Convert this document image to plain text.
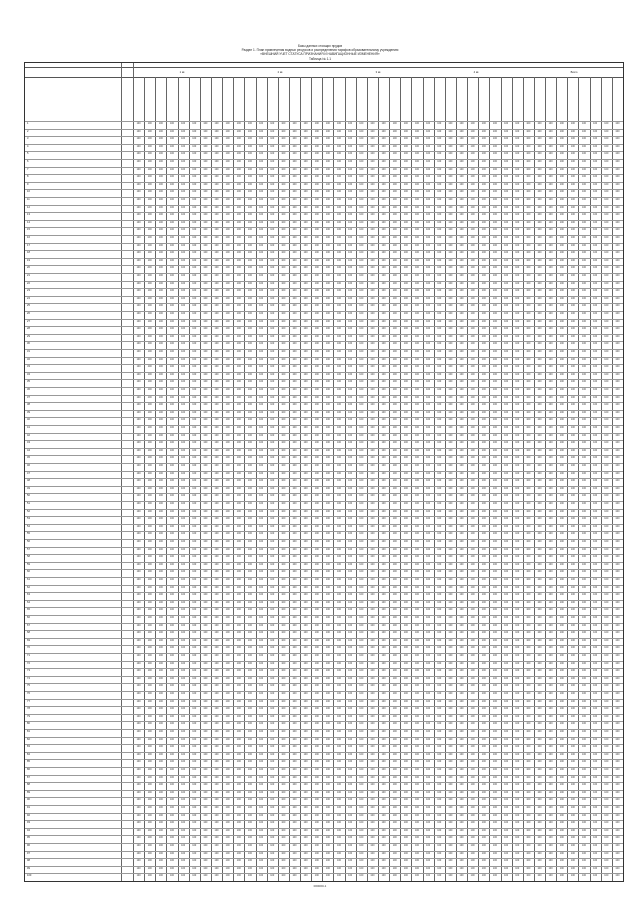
Базы данных стоящих прудов
Раздел 1. План привлечения водных ресурсов и распределения тарифов образовательному учреждению
«ВНЕШНИЙ УЧЕТ СТАТУСА ПРИЗНАНИЯ И НАВИГАЦИОННЫЕ ИЗМЕНЕНИЯ»
Таблица № 1.1
1 кв	2 кв	3 кв	4 кв	Всего
1	100	100	100	100	100	100	100	100	100	100	100	100	100	100	100	100	100	100	100	100	100	100	100	100	100	100	100	100	100	100	100	100	100	100	100	100	100	100	100	100	100	100	100	100
2	100	100	100	100	100	100	100	100	100	100	100	100	100	100	100	100	100	100	100	100	100	100	100	100	100	100	100	100	100	100	100	100	100	100	100	100	100	100	100	100	100	100	100	100
3	100	100	100	100	100	100	100	100	100	100	100	100	100	100	100	100	100	100	100	100	100	100	100	100	100	100	100	100	100	100	100	100	100	100	100	100	100	100	100	100	100	100	100	100
4	100	100	100	100	100	100	100	100	100	100	100	100	100	100	100	100	100	100	100	100	100	100	100	100	100	100	100	100	100	100	100	100	100	100	100	100	100	100	100	100	100	100	100	100
5	100	100	100	100	100	100	100	100	100	100	100	100	100	100	100	100	100	100	100	100	100	100	100	100	100	100	100	100	100	100	100	100	100	100	100	100	100	100	100	100	100	100	100	100
6	100	100	100	100	100	100	100	100	100	100	100	100	100	100	100	100	100	100	100	100	100	100	100	100	100	100	100	100	100	100	100	100	100	100	100	100	100	100	100	100	100	100	100	100
7	100	100	100	100	100	100	100	100	100	100	100	100	100	100	100	100	100	100	100	100	100	100	100	100	100	100	100	100	100	100	100	100	100	100	100	100	100	100	100	100	100	100	100	100
8	100	100	100	100	100	100	100	100	100	100	100	100	100	100	100	100	100	100	100	100	100	100	100	100	100	100	100	100	100	100	100	100	100	100	100	100	100	100	100	100	100	100	100	100
9	100	100	100	100	100	100	100	100	100	100	100	100	100	100	100	100	100	100	100	100	100	100	100	100	100	100	100	100	100	100	100	100	100	100	100	100	100	100	100	100	100	100	100	100
10	100	100	100	100	100	100	100	100	100	100	100	100	100	100	100	100	100	100	100	100	100	100	100	100	100	100	100	100	100	100	100	100	100	100	100	100	100	100	100	100	100	100	100	100
11	100	100	100	100	100	100	100	100	100	100	100	100	100	100	100	100	100	100	100	100	100	100	100	100	100	100	100	100	100	100	100	100	100	100	100	100	100	100	100	100	100	100	100	100
12	100	100	100	100	100	100	100	100	100	100	100	100	100	100	100	100	100	100	100	100	100	100	100	100	100	100	100	100	100	100	100	100	100	100	100	100	100	100	100	100	100	100	100	100
13	100	100	100	100	100	100	100	100	100	100	100	100	100	100	100	100	100	100	100	100	100	100	100	100	100	100	100	100	100	100	100	100	100	100	100	100	100	100	100	100	100	100	100	100
14	100	100	100	100	100	100	100	100	100	100	100	100	100	100	100	100	100	100	100	100	100	100	100	100	100	100	100	100	100	100	100	100	100	100	100	100	100	100	100	100	100	100	100	100
15	100	100	100	100	100	100	100	100	100	100	100	100	100	100	100	100	100	100	100	100	100	100	100	100	100	100	100	100	100	100	100	100	100	100	100	100	100	100	100	100	100	100	100	100
16	100	100	100	100	100	100	100	100	100	100	100	100	100	100	100	100	100	100	100	100	100	100	100	100	100	100	100	100	100	100	100	100	100	100	100	100	100	100	100	100	100	100	100	100
17	100	100	100	100	100	100	100	100	100	100	100	100	100	100	100	100	100	100	100	100	100	100	100	100	100	100	100	100	100	100	100	100	100	100	100	100	100	100	100	100	100	100	100	100
18	100	100	100	100	100	100	100	100	100	100	100	100	100	100	100	100	100	100	100	100	100	100	100	100	100	100	100	100	100	100	100	100	100	100	100	100	100	100	100	100	100	100	100	100
19	100	100	100	100	100	100	100	100	100	100	100	100	100	100	100	100	100	100	100	100	100	100	100	100	100	100	100	100	100	100	100	100	100	100	100	100	100	100	100	100	100	100	100	100
20	100	100	100	100	100	100	100	100	100	100	100	100	100	100	100	100	100	100	100	100	100	100	100	100	100	100	100	100	100	100	100	100	100	100	100	100	100	100	100	100	100	100	100	100
21	100	100	100	100	100	100	100	100	100	100	100	100	100	100	100	100	100	100	100	100	100	100	100	100	100	100	100	100	100	100	100	100	100	100	100	100	100	100	100	100	100	100	100	100
22	100	100	100	100	100	100	100	100	100	100	100	100	100	100	100	100	100	100	100	100	100	100	100	100	100	100	100	100	100	100	100	100	100	100	100	100	100	100	100	100	100	100	100	100
23	100	100	100	100	100	100	100	100	100	100	100	100	100	100	100	100	100	100	100	100	100	100	100	100	100	100	100	100	100	100	100	100	100	100	100	100	100	100	100	100	100	100	100	100
24	100	100	100	100	100	100	100	100	100	100	100	100	100	100	100	100	100	100	100	100	100	100	100	100	100	100	100	100	100	100	100	100	100	100	100	100	100	100	100	100	100	100	100	100
25	100	100	100	100	100	100	100	100	100	100	100	100	100	100	100	100	100	100	100	100	100	100	100	100	100	100	100	100	100	100	100	100	100	100	100	100	100	100	100	100	100	100	100	100
26	100	100	100	100	100	100	100	100	100	100	100	100	100	100	100	100	100	100	100	100	100	100	100	100	100	100	100	100	100	100	100	100	100	100	100	100	100	100	100	100	100	100	100	100
27	100	100	100	100	100	100	100	100	100	100	100	100	100	100	100	100	100	100	100	100	100	100	100	100	100	100	100	100	100	100	100	100	100	100	100	100	100	100	100	100	100	100	100	100
28	100	100	100	100	100	100	100	100	100	100	100	100	100	100	100	100	100	100	100	100	100	100	100	100	100	100	100	100	100	100	100	100	100	100	100	100	100	100	100	100	100	100	100	100
29	100	100	100	100	100	100	100	100	100	100	100	100	100	100	100	100	100	100	100	100	100	100	100	100	100	100	100	100	100	100	100	100	100	100	100	100	100	100	100	100	100	100	100	100
30	100	100	100	100	100	100	100	100	100	100	100	100	100	100	100	100	100	100	100	100	100	100	100	100	100	100	100	100	100	100	100	100	100	100	100	100	100	100	100	100	100	100	100	100
31	100	100	100	100	100	100	100	100	100	100	100	100	100	100	100	100	100	100	100	100	100	100	100	100	100	100	100	100	100	100	100	100	100	100	100	100	100	100	100	100	100	100	100	100
32	100	100	100	100	100	100	100	100	100	100	100	100	100	100	100	100	100	100	100	100	100	100	100	100	100	100	100	100	100	100	100	100	100	100	100	100	100	100	100	100	100	100	100	100
33	100	100	100	100	100	100	100	100	100	100	100	100	100	100	100	100	100	100	100	100	100	100	100	100	100	100	100	100	100	100	100	100	100	100	100	100	100	100	100	100	100	100	100	100
34	100	100	100	100	100	100	100	100	100	100	100	100	100	100	100	100	100	100	100	100	100	100	100	100	100	100	100	100	100	100	100	100	100	100	100	100	100	100	100	100	100	100	100	100
35	100	100	100	100	100	100	100	100	100	100	100	100	100	100	100	100	100	100	100	100	100	100	100	100	100	100	100	100	100	100	100	100	100	100	100	100	100	100	100	100	100	100	100	100
36	100	100	100	100	100	100	100	100	100	100	100	100	100	100	100	100	100	100	100	100	100	100	100	100	100	100	100	100	100	100	100	100	100	100	100	100	100	100	100	100	100	100	100	100
37	100	100	100	100	100	100	100	100	100	100	100	100	100	100	100	100	100	100	100	100	100	100	100	100	100	100	100	100	100	100	100	100	100	100	100	100	100	100	100	100	100	100	100	100
38	100	100	100	100	100	100	100	100	100	100	100	100	100	100	100	100	100	100	100	100	100	100	100	100	100	100	100	100	100	100	100	100	100	100	100	100	100	100	100	100	100	100	100	100
39	100	100	100	100	100	100	100	100	100	100	100	100	100	100	100	100	100	100	100	100	100	100	100	100	100	100	100	100	100	100	100	100	100	100	100	100	100	100	100	100	100	100	100	100
40	100	100	100	100	100	100	100	100	100	100	100	100	100	100	100	100	100	100	100	100	100	100	100	100	100	100	100	100	100	100	100	100	100	100	100	100	100	100	100	100	100	100	100	100
41	100	100	100	100	100	100	100	100	100	100	100	100	100	100	100	100	100	100	100	100	100	100	100	100	100	100	100	100	100	100	100	100	100	100	100	100	100	100	100	100	100	100	100	100
42	100	100	100	100	100	100	100	100	100	100	100	100	100	100	100	100	100	100	100	100	100	100	100	100	100	100	100	100	100	100	100	100	100	100	100	100	100	100	100	100	100	100	100	100
43	100	100	100	100	100	100	100	100	100	100	100	100	100	100	100	100	100	100	100	100	100	100	100	100	100	100	100	100	100	100	100	100	100	100	100	100	100	100	100	100	100	100	100	100
44	100	100	100	100	100	100	100	100	100	100	100	100	100	100	100	100	100	100	100	100	100	100	100	100	100	100	100	100	100	100	100	100	100	100	100	100	100	100	100	100	100	100	100	100
45	100	100	100	100	100	100	100	100	100	100	100	100	100	100	100	100	100	100	100	100	100	100	100	100	100	100	100	100	100	100	100	100	100	100	100	100	100	100	100	100	100	100	100	100
46	100	100	100	100	100	100	100	100	100	100	100	100	100	100	100	100	100	100	100	100	100	100	100	100	100	100	100	100	100	100	100	100	100	100	100	100	100	100	100	100	100	100	100	100
47	100	100	100	100	100	100	100	100	100	100	100	100	100	100	100	100	100	100	100	100	100	100	100	100	100	100	100	100	100	100	100	100	100	100	100	100	100	100	100	100	100	100	100	100
48	100	100	100	100	100	100	100	100	100	100	100	100	100	100	100	100	100	100	100	100	100	100	100	100	100	100	100	100	100	100	100	100	100	100	100	100	100	100	100	100	100	100	100	100
49	100	100	100	100	100	100	100	100	100	100	100	100	100	100	100	100	100	100	100	100	100	100	100	100	100	100	100	100	100	100	100	100	100	100	100	100	100	100	100	100	100	100	100	100
50	100	100	100	100	100	100	100	100	100	100	100	100	100	100	100	100	100	100	100	100	100	100	100	100	100	100	100	100	100	100	100	100	100	100	100	100	100	100	100	100	100	100	100	100
51	100	100	100	100	100	100	100	100	100	100	100	100	100	100	100	100	100	100	100	100	100	100	100	100	100	100	100	100	100	100	100	100	100	100	100	100	100	100	100	100	100	100	100	100
52	100	100	100	100	100	100	100	100	100	100	100	100	100	100	100	100	100	100	100	100	100	100	100	100	100	100	100	100	100	100	100	100	100	100	100	100	100	100	100	100	100	100	100	100
53	100	100	100	100	100	100	100	100	100	100	100	100	100	100	100	100	100	100	100	100	100	100	100	100	100	100	100	100	100	100	100	100	100	100	100	100	100	100	100	100	100	100	100	100
54	100	100	100	100	100	100	100	100	100	100	100	100	100	100	100	100	100	100	100	100	100	100	100	100	100	100	100	100	100	100	100	100	100	100	100	100	100	100	100	100	100	100	100	100
55	100	100	100	100	100	100	100	100	100	100	100	100	100	100	100	100	100	100	100	100	100	100	100	100	100	100	100	100	100	100	100	100	100	100	100	100	100	100	100	100	100	100	100	100
56	100	100	100	100	100	100	100	100	100	100	100	100	100	100	100	100	100	100	100	100	100	100	100	100	100	100	100	100	100	100	100	100	100	100	100	100	100	100	100	100	100	100	100	100
57	100	100	100	100	100	100	100	100	100	100	100	100	100	100	100	100	100	100	100	100	100	100	100	100	100	100	100	100	100	100	100	100	100	100	100	100	100	100	100	100	100	100	100	100
58	100	100	100	100	100	100	100	100	100	100	100	100	100	100	100	100	100	100	100	100	100	100	100	100	100	100	100	100	100	100	100	100	100	100	100	100	100	100	100	100	100	100	100	100
59	100	100	100	100	100	100	100	100	100	100	100	100	100	100	100	100	100	100	100	100	100	100	100	100	100	100	100	100	100	100	100	100	100	100	100	100	100	100	100	100	100	100	100	100
60	100	100	100	100	100	100	100	100	100	100	100	100	100	100	100	100	100	100	100	100	100	100	100	100	100	100	100	100	100	100	100	100	100	100	100	100	100	100	100	100	100	100	100	100
61	100	100	100	100	100	100	100	100	100	100	100	100	100	100	100	100	100	100	100	100	100	100	100	100	100	100	100	100	100	100	100	100	100	100	100	100	100	100	100	100	100	100	100	100
62	100	100	100	100	100	100	100	100	100	100	100	100	100	100	100	100	100	100	100	100	100	100	100	100	100	100	100	100	100	100	100	100	100	100	100	100	100	100	100	100	100	100	100	100
63	100	100	100	100	100	100	100	100	100	100	100	100	100	100	100	100	100	100	100	100	100	100	100	100	100	100	100	100	100	100	100	100	100	100	100	100	100	100	100	100	100	100	100	100
64	100	100	100	100	100	100	100	100	100	100	100	100	100	100	100	100	100	100	100	100	100	100	100	100	100	100	100	100	100	100	100	100	100	100	100	100	100	100	100	100	100	100	100	100
65	100	100	100	100	100	100	100	100	100	100	100	100	100	100	100	100	100	100	100	100	100	100	100	100	100	100	100	100	100	100	100	100	100	100	100	100	100	100	100	100	100	100	100	100
66	100	100	100	100	100	100	100	100	100	100	100	100	100	100	100	100	100	100	100	100	100	100	100	100	100	100	100	100	100	100	100	100	100	100	100	100	100	100	100	100	100	100	100	100
67	100	100	100	100	100	100	100	100	100	100	100	100	100	100	100	100	100	100	100	100	100	100	100	100	100	100	100	100	100	100	100	100	100	100	100	100	100	100	100	100	100	100	100	100
68	100	100	100	100	100	100	100	100	100	100	100	100	100	100	100	100	100	100	100	100	100	100	100	100	100	100	100	100	100	100	100	100	100	100	100	100	100	100	100	100	100	100	100	100
69	100	100	100	100	100	100	100	100	100	100	100	100	100	100	100	100	100	100	100	100	100	100	100	100	100	100	100	100	100	100	100	100	100	100	100	100	100	100	100	100	100	100	100	100
70	100	100	100	100	100	100	100	100	100	100	100	100	100	100	100	100	100	100	100	100	100	100	100	100	100	100	100	100	100	100	100	100	100	100	100	100	100	100	100	100	100	100	100	100
71	100	100	100	100	100	100	100	100	100	100	100	100	100	100	100	100	100	100	100	100	100	100	100	100	100	100	100	100	100	100	100	100	100	100	100	100	100	100	100	100	100	100	100	100
72	100	100	100	100	100	100	100	100	100	100	100	100	100	100	100	100	100	100	100	100	100	100	100	100	100	100	100	100	100	100	100	100	100	100	100	100	100	100	100	100	100	100	100	100
73	100	100	100	100	100	100	100	100	100	100	100	100	100	100	100	100	100	100	100	100	100	100	100	100	100	100	100	100	100	100	100	100	100	100	100	100	100	100	100	100	100	100	100	100
74	100	100	100	100	100	100	100	100	100	100	100	100	100	100	100	100	100	100	100	100	100	100	100	100	100	100	100	100	100	100	100	100	100	100	100	100	100	100	100	100	100	100	100	100
75	100	100	100	100	100	100	100	100	100	100	100	100	100	100	100	100	100	100	100	100	100	100	100	100	100	100	100	100	100	100	100	100	100	100	100	100	100	100	100	100	100	100	100	100
76	100	100	100	100	100	100	100	100	100	100	100	100	100	100	100	100	100	100	100	100	100	100	100	100	100	100	100	100	100	100	100	100	100	100	100	100	100	100	100	100	100	100	100	100
77	100	100	100	100	100	100	100	100	100	100	100	100	100	100	100	100	100	100	100	100	100	100	100	100	100	100	100	100	100	100	100	100	100	100	100	100	100	100	100	100	100	100	100	100
78	100	100	100	100	100	100	100	100	100	100	100	100	100	100	100	100	100	100	100	100	100	100	100	100	100	100	100	100	100	100	100	100	100	100	100	100	100	100	100	100	100	100	100	100
79	100	100	100	100	100	100	100	100	100	100	100	100	100	100	100	100	100	100	100	100	100	100	100	100	100	100	100	100	100	100	100	100	100	100	100	100	100	100	100	100	100	100	100	100
80	100	100	100	100	100	100	100	100	100	100	100	100	100	100	100	100	100	100	100	100	100	100	100	100	100	100	100	100	100	100	100	100	100	100	100	100	100	100	100	100	100	100	100	100
81	100	100	100	100	100	100	100	100	100	100	100	100	100	100	100	100	100	100	100	100	100	100	100	100	100	100	100	100	100	100	100	100	100	100	100	100	100	100	100	100	100	100	100	100
82	100	100	100	100	100	100	100	100	100	100	100	100	100	100	100	100	100	100	100	100	100	100	100	100	100	100	100	100	100	100	100	100	100	100	100	100	100	100	100	100	100	100	100	100
83	100	100	100	100	100	100	100	100	100	100	100	100	100	100	100	100	100	100	100	100	100	100	100	100	100	100	100	100	100	100	100	100	100	100	100	100	100	100	100	100	100	100	100	100
84	100	100	100	100	100	100	100	100	100	100	100	100	100	100	100	100	100	100	100	100	100	100	100	100	100	100	100	100	100	100	100	100	100	100	100	100	100	100	100	100	100	100	100	100
85	100	100	100	100	100	100	100	100	100	100	100	100	100	100	100	100	100	100	100	100	100	100	100	100	100	100	100	100	100	100	100	100	100	100	100	100	100	100	100	100	100	100	100	100
86	100	100	100	100	100	100	100	100	100	100	100	100	100	100	100	100	100	100	100	100	100	100	100	100	100	100	100	100	100	100	100	100	100	100	100	100	100	100	100	100	100	100	100	100
87	100	100	100	100	100	100	100	100	100	100	100	100	100	100	100	100	100	100	100	100	100	100	100	100	100	100	100	100	100	100	100	100	100	100	100	100	100	100	100	100	100	100	100	100
88	100	100	100	100	100	100	100	100	100	100	100	100	100	100	100	100	100	100	100	100	100	100	100	100	100	100	100	100	100	100	100	100	100	100	100	100	100	100	100	100	100	100	100	100
89	100	100	100	100	100	100	100	100	100	100	100	100	100	100	100	100	100	100	100	100	100	100	100	100	100	100	100	100	100	100	100	100	100	100	100	100	100	100	100	100	100	100	100	100
90	100	100	100	100	100	100	100	100	100	100	100	100	100	100	100	100	100	100	100	100	100	100	100	100	100	100	100	100	100	100	100	100	100	100	100	100	100	100	100	100	100	100	100	100
91	100	100	100	100	100	100	100	100	100	100	100	100	100	100	100	100	100	100	100	100	100	100	100	100	100	100	100	100	100	100	100	100	100	100	100	100	100	100	100	100	100	100	100	100
92	100	100	100	100	100	100	100	100	100	100	100	100	100	100	100	100	100	100	100	100	100	100	100	100	100	100	100	100	100	100	100	100	100	100	100	100	100	100	100	100	100	100	100	100
93	100	100	100	100	100	100	100	100	100	100	100	100	100	100	100	100	100	100	100	100	100	100	100	100	100	100	100	100	100	100	100	100	100	100	100	100	100	100	100	100	100	100	100	100
94	100	100	100	100	100	100	100	100	100	100	100	100	100	100	100	100	100	100	100	100	100	100	100	100	100	100	100	100	100	100	100	100	100	100	100	100	100	100	100	100	100	100	100	100
95	100	100	100	100	100	100	100	100	100	100	100	100	100	100	100	100	100	100	100	100	100	100	100	100	100	100	100	100	100	100	100	100	100	100	100	100	100	100	100	100	100	100	100	100
96	100	100	100	100	100	100	100	100	100	100	100	100	100	100	100	100	100	100	100	100	100	100	100	100	100	100	100	100	100	100	100	100	100	100	100	100	100	100	100	100	100	100	100	100
97	100	100	100	100	100	100	100	100	100	100	100	100	100	100	100	100	100	100	100	100	100	100	100	100	100	100	100	100	100	100	100	100	100	100	100	100	100	100	100	100	100	100	100	100
98	100	100	100	100	100	100	100	100	100	100	100	100	100	100	100	100	100	100	100	100	100	100	100	100	100	100	100	100	100	100	100	100	100	100	100	100	100	100	100	100	100	100	100	100
99	100	100	100	100	100	100	100	100	100	100	100	100	100	100	100	100	100	100	100	100	100	100	100	100	100	100	100	100	100	100	100	100	100	100	100	100	100	100	100	100	100	100	100	100
100	100	100	100	100	100	100	100	100	100	100	100	100	100	100	100	100	100	100	100	100	100	100	100	100	100	100	100	100	100	100	100	100	100	100	100	100	100	100	100	100	100	100	100	100
000000-1
